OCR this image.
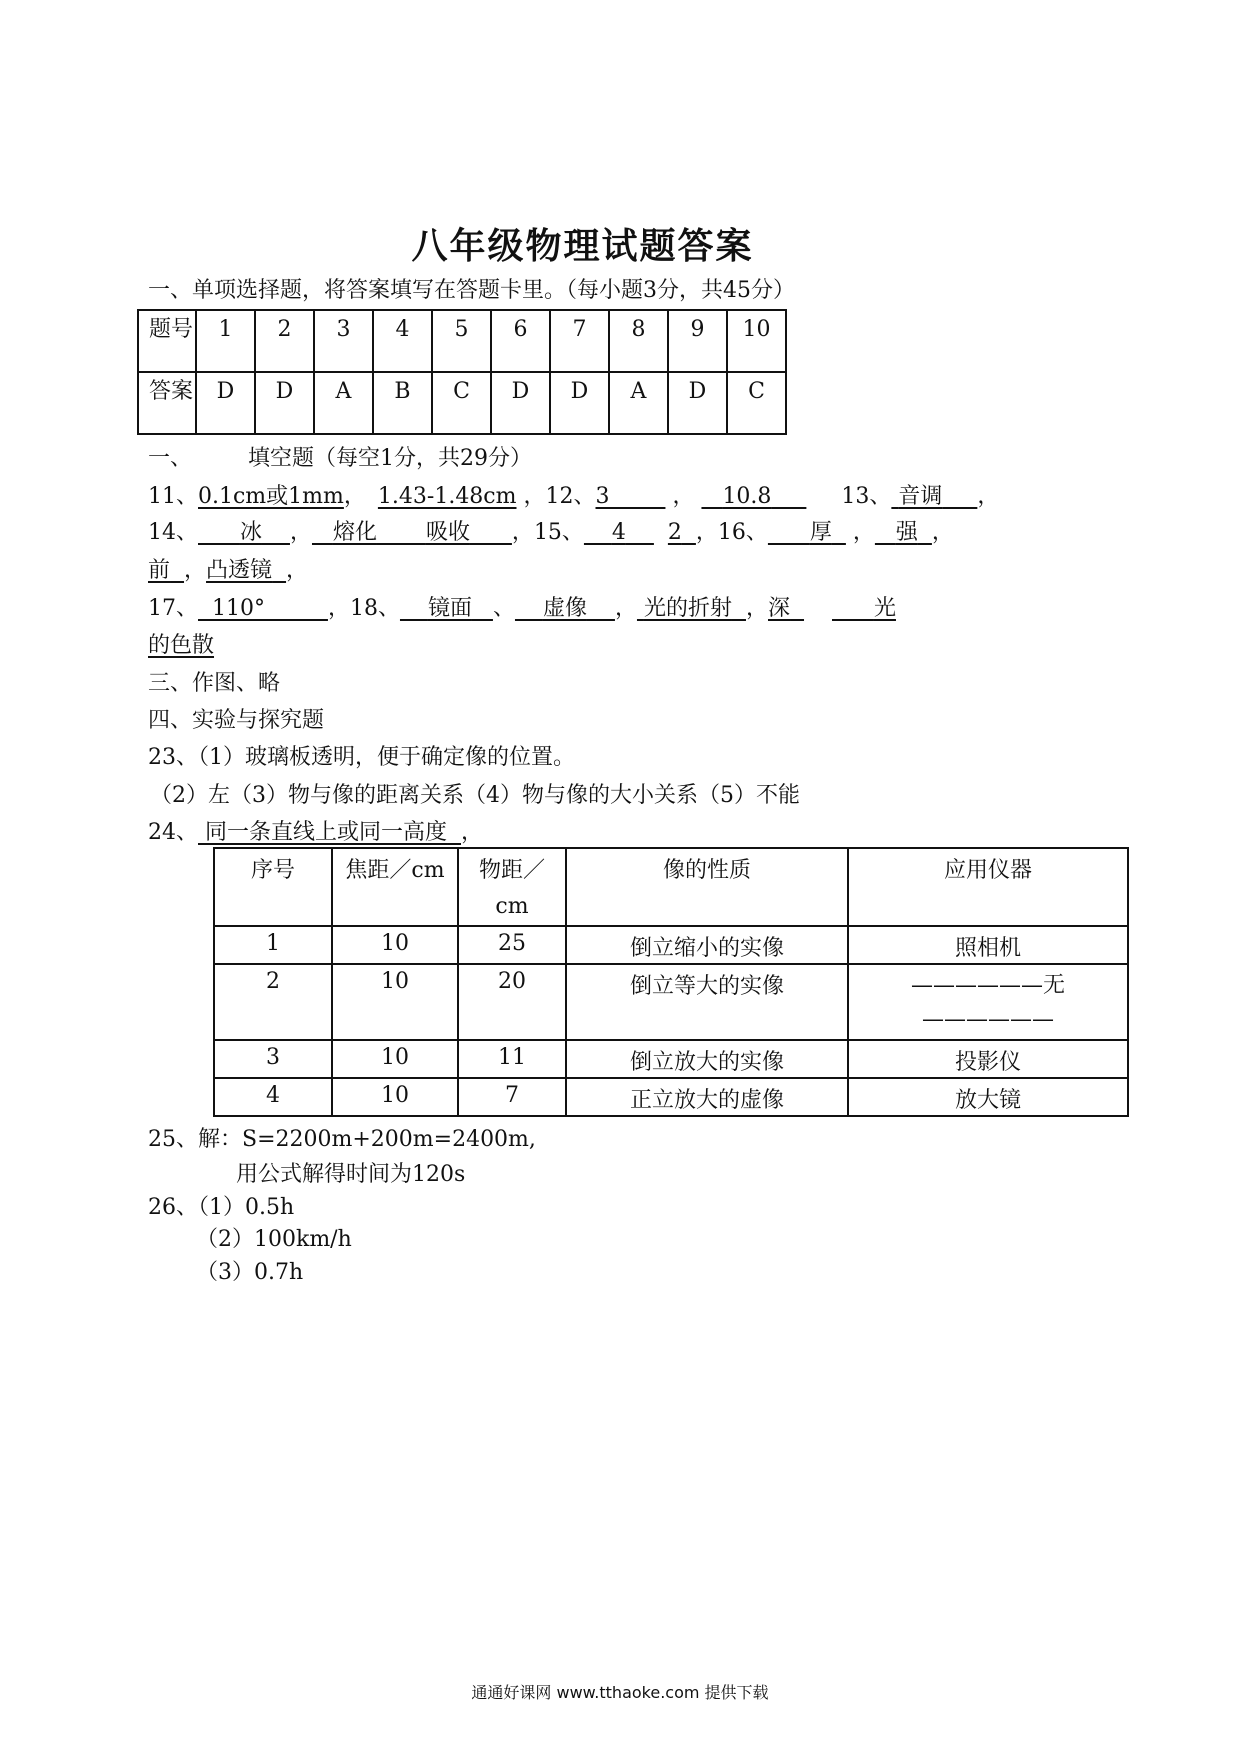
八年级物理试题答案
一、单项选择题，将答案填写在答题卡里。（每小题3分，共45分）
题号	1	2	3	4	5	6	7	8	9	10
答案	D	D	A	B	C	D	D	A	D	C
一、	填空题（每空1分，共29分）
11、0.1cm或1mm， 1.43-1.48cm ，12、3	，    10.8	13、 音调 ，
14、 冰 ， 熔化 吸收 ，15、 4 2 ，16、 厚   ， 强 ，
前 ，凸透镜 ，
17、 110°	，18、 镜面 、 虚像 ， 光的折射 ，深	光
的色散
三、作图、略
四、实验与探究题
23、（1）玻璃板透明，便于确定像的位置。
（2）左（3）物与像的距离关系（4）物与像的大小关系（5）不能
24、 同一条直线上或同一高度 ，
序号	焦距／cm	物距／
cm	像的性质	应用仪器
1	10	25	倒立缩小的实像	照相机
2	10	20	倒立等大的实像	——————无
——————
3	10	11	倒立放大的实像	投影仪
4	10	7	正立放大的虚像	放大镜
25、解：S=2200m+200m=2400m,
用公式解得时间为120s
26、（1）0.5h
（2）100km/h
（3）0.7h
通通好课网 www.tthaoke.com 提供下载
